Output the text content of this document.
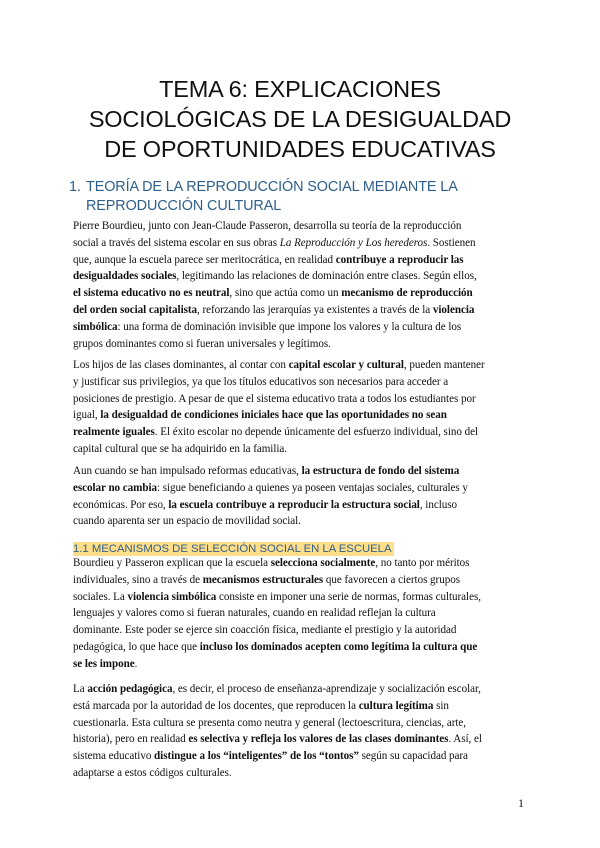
TEMA 6: EXPLICACIONES
SOCIOLÓGICAS DE LA DESIGUALDAD
DE OPORTUNIDADES EDUCATIVAS
1. TEORÍA DE LA REPRODUCCIÓN SOCIAL MEDIANTE LA
REPRODUCCIÓN CULTURAL

Pierre Bourdieu, junto con Jean-Claude Passeron, desarrolla su teoría de la reproducción
social a través del sistema escolar en sus obras La Reproducción y Los herederos. Sostienen
que, aunque la escuela parece ser meritocrática, en realidad contribuye a reproducir las
desigualdades sociales, legitimando las relaciones de dominación entre clases. Según ellos,
el sistema educativo no es neutral, sino que actúa como un mecanismo de reproducción
del orden social capitalista, reforzando las jerarquías ya existentes a través de la violencia
simbólica: una forma de dominación invisible que impone los valores y la cultura de los
grupos dominantes como si fueran universales y legítimos.

Los hijos de las clases dominantes, al contar con capital escolar y cultural, pueden mantener
y justificar sus privilegios, ya que los títulos educativos son necesarios para acceder a
posiciones de prestigio. A pesar de que el sistema educativo trata a todos los estudiantes por
igual, la desigualdad de condiciones iniciales hace que las oportunidades no sean
realmente iguales. El éxito escolar no depende únicamente del esfuerzo individual, sino del
capital cultural que se ha adquirido en la familia.

Aun cuando se han impulsado reformas educativas, la estructura de fondo del sistema
escolar no cambia: sigue beneficiando a quienes ya poseen ventajas sociales, culturales y
económicas. Por eso, la escuela contribuye a reproducir la estructura social, incluso
cuando aparenta ser un espacio de movilidad social.

1.1 MECANISMOS DE SELECCIÓN SOCIAL EN LA ESCUELA

Bourdieu y Passeron explican que la escuela selecciona socialmente, no tanto por méritos
individuales, sino a través de mecanismos estructurales que favorecen a ciertos grupos
sociales. La violencia simbólica consiste en imponer una serie de normas, formas culturales,
lenguajes y valores como si fueran naturales, cuando en realidad reflejan la cultura
dominante. Este poder se ejerce sin coacción física, mediante el prestigio y la autoridad
pedagógica, lo que hace que incluso los dominados acepten como legítima la cultura que
se les impone.

La acción pedagógica, es decir, el proceso de enseñanza-aprendizaje y socialización escolar,
está marcada por la autoridad de los docentes, que reproducen la cultura legítima sin
cuestionarla. Esta cultura se presenta como neutra y general (lectoescritura, ciencias, arte,
historia), pero en realidad es selectiva y refleja los valores de las clases dominantes. Así, el
sistema educativo distingue a los “inteligentes” de los “tontos” según su capacidad para
adaptarse a estos códigos culturales.

1
